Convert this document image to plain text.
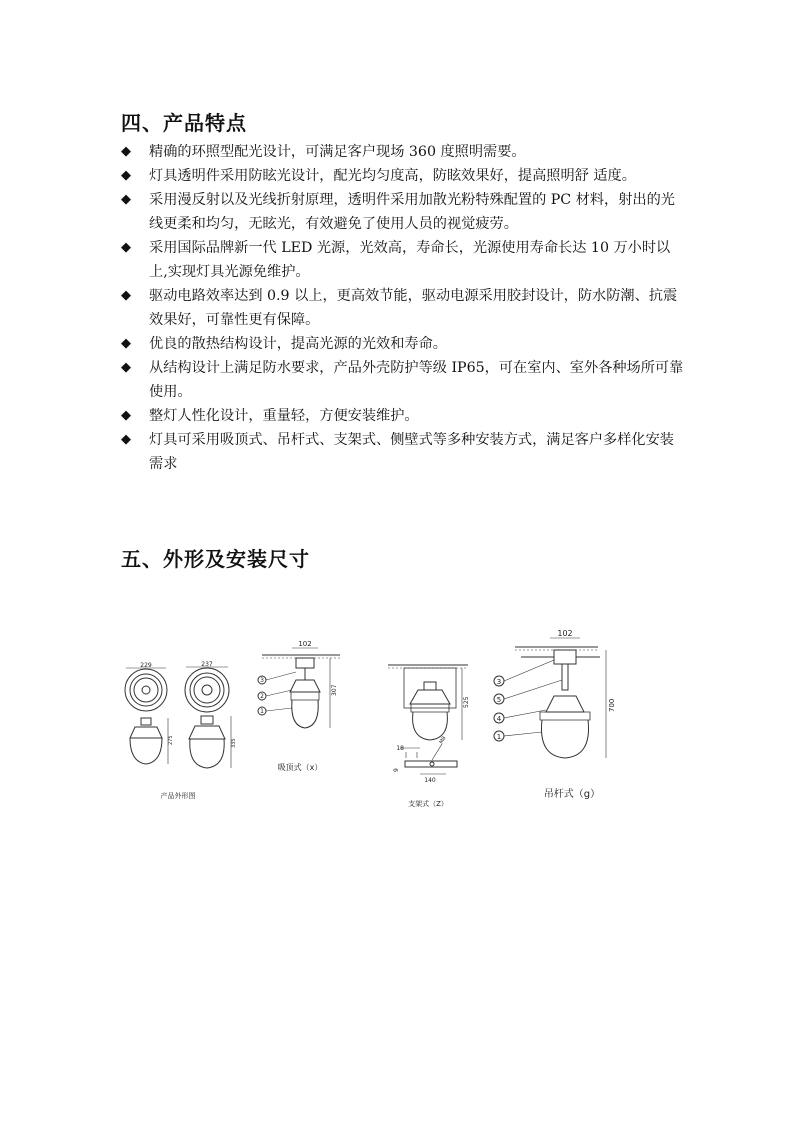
四、产品特点
◆ 精确的环照型配光设计，可满足客户现场 360 度照明需要。
◆ 灯具透明件采用防眩光设计，配光均匀度高，防眩效果好，提高照明舒 适度。
◆ 采用漫反射以及光线折射原理，透明件采用加散光粉特殊配置的 PC 材料，射出的光线更柔和均匀，无眩光，有效避免了使用人员的视觉疲劳。
◆ 采用国际品牌新一代 LED 光源，光效高，寿命长，光源使用寿命长达 10 万小时以上,实现灯具光源免维护。
◆ 驱动电路效率达到 0.9 以上，更高效节能，驱动电源采用胶封设计，防水防潮、抗震效果好，可靠性更有保障。
◆ 优良的散热结构设计，提高光源的光效和寿命。
◆ 从结构设计上满足防水要求，产品外壳防护等级 IP65，可在室内、室外各种场所可靠使用。
◆ 整灯人性化设计，重量轻，方便安装维护。
◆ 灯具可采用吸顶式、吊杆式、支架式、侧壁式等多种安装方式，满足客户多样化安装需求
五、外形及安装尺寸
229	237
275	335
产品外形图
102
307
3
2
1
吸顶式（x）
525
18
9
140
M8
支架式（Z）
102
700
3
5
4
1
吊杆式（g）
